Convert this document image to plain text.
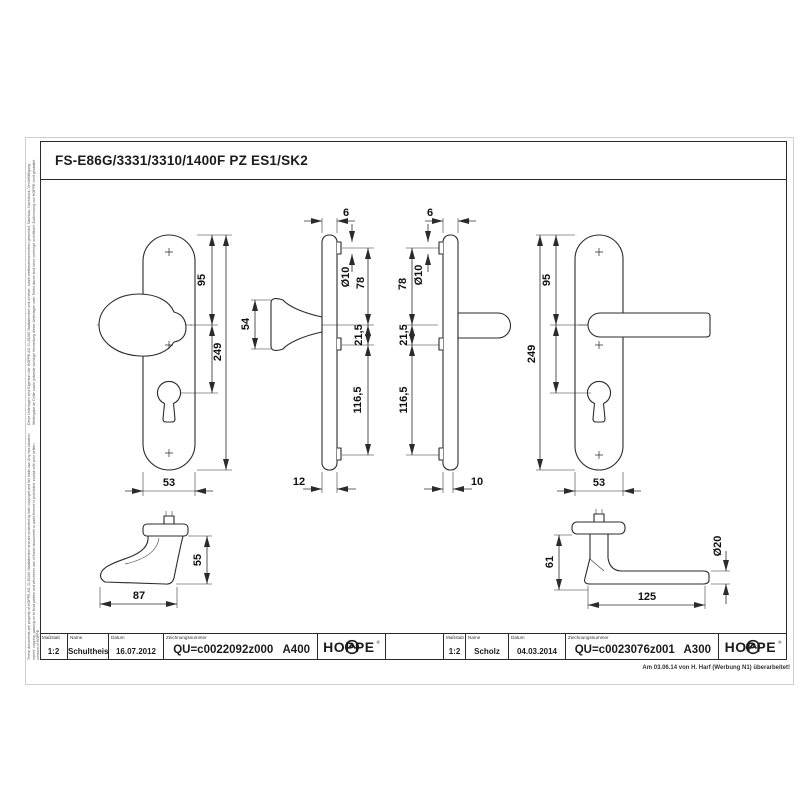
Diese Unterlagen sind Eigentum der HOPPE AG, D-35260 Stadtallendorf und urheber- sowie wettbewerbsrechtlich geschützt. Nachbau, Nachdruck, Vervielfältigung, Weitergabe an Dritte sowie jedwede sonstige Verwertung dieser Unterlagen oder Teilen davon sind ohne vorherige schriftliche Zustimmung von HOPPE nicht gestattet.
These documents are property of HOPPE AG, D-35260 Stadtallendorf and are protected by both copyright and fair trade law. Any reproduction, reprint, copying, passing on to third parties and whichever use of these documents or parts thereof is prohibited, except with prior written consent of HOPPE.
FS-E86G/3331/3310/1400F PZ ES1/SK2
95
249
53
6
54
Ø10 78
21,5
116,5
12
6
Ø10
78
21,5
116,5
10
95
249
53
55
87
61
Ø20
125
Maßstab
1:2
Name
Schultheis
Datum
16.07.2012
Zeichnungsnummer
QU=c0022092z000 A400 HOPPE ®
Maßstab
1:2
Name
Scholz
Datum
04.03.2014
Zeichnungsnummer
QU=c0023076z001 A300 HOPPE ®
Am 03.06.14 von H. Harf (Werbung N1) überarbeitet!
